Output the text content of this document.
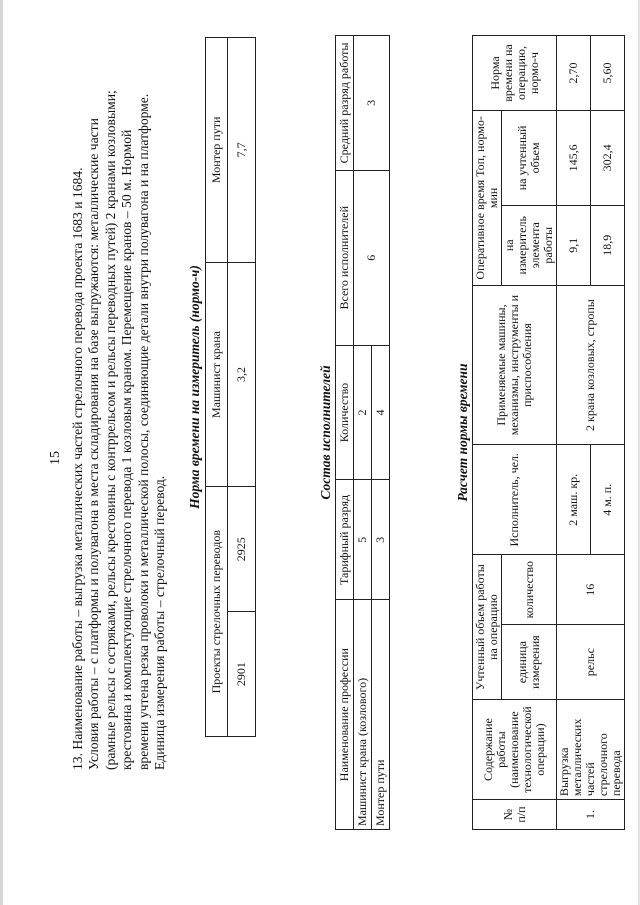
15 13. Наименование работы – выгрузка металлических частей стрелочного перевода проекта 1683 и 1684. Условия работы – с платформы и полувагона в места складирования на базе выгружаются: металлические части (рамные рельсы с остряками, рельсы крестовины с контррельсом и рельсы переводных путей) 2 кранами козловыми; крестовина и комплектующие стрелочного перевода 1 козловым краном. Перемещение кранов – 50 м. Нормой времени учтена резка проволоки и металлической полосы, соединяющие детали внутри полувагона и на платформе. Единица измерения работы – стрелочный перевод.

Норма времени на измеритель (нормо-ч)
Проекты стрелочных переводов		Машинист крана	Монтер пути
2901	2925	3,2	7,7
Состав исполнителей
Наименование профессии	Тарифный разряд	Количество	Всего исполнителей	Средний разряд работы
Машинист крана (козлового)	5	2	6	3
Монтер пути	3	4			Расчет нормы времени
№ п/п	Содержание работы (наименование технологической операции)	Учтенный объем работы на операцию		Исполнитель, чел.	Применяемые машины, механизмы, инструменты и приспособления	Оперативное время Топ, нормо-мин		Норма времени на операцию, нормо-ч
		единица измерения	количество			на измеритель элемента работы	на учтенный объем	
1.	Выгрузка металлических частей стрелочного перевода	рельс	16	2 маш. кр.	2 крана козловых, стропы	9,1	145,6	2,70
				4 м. п.		18,9	302,4	5,60
